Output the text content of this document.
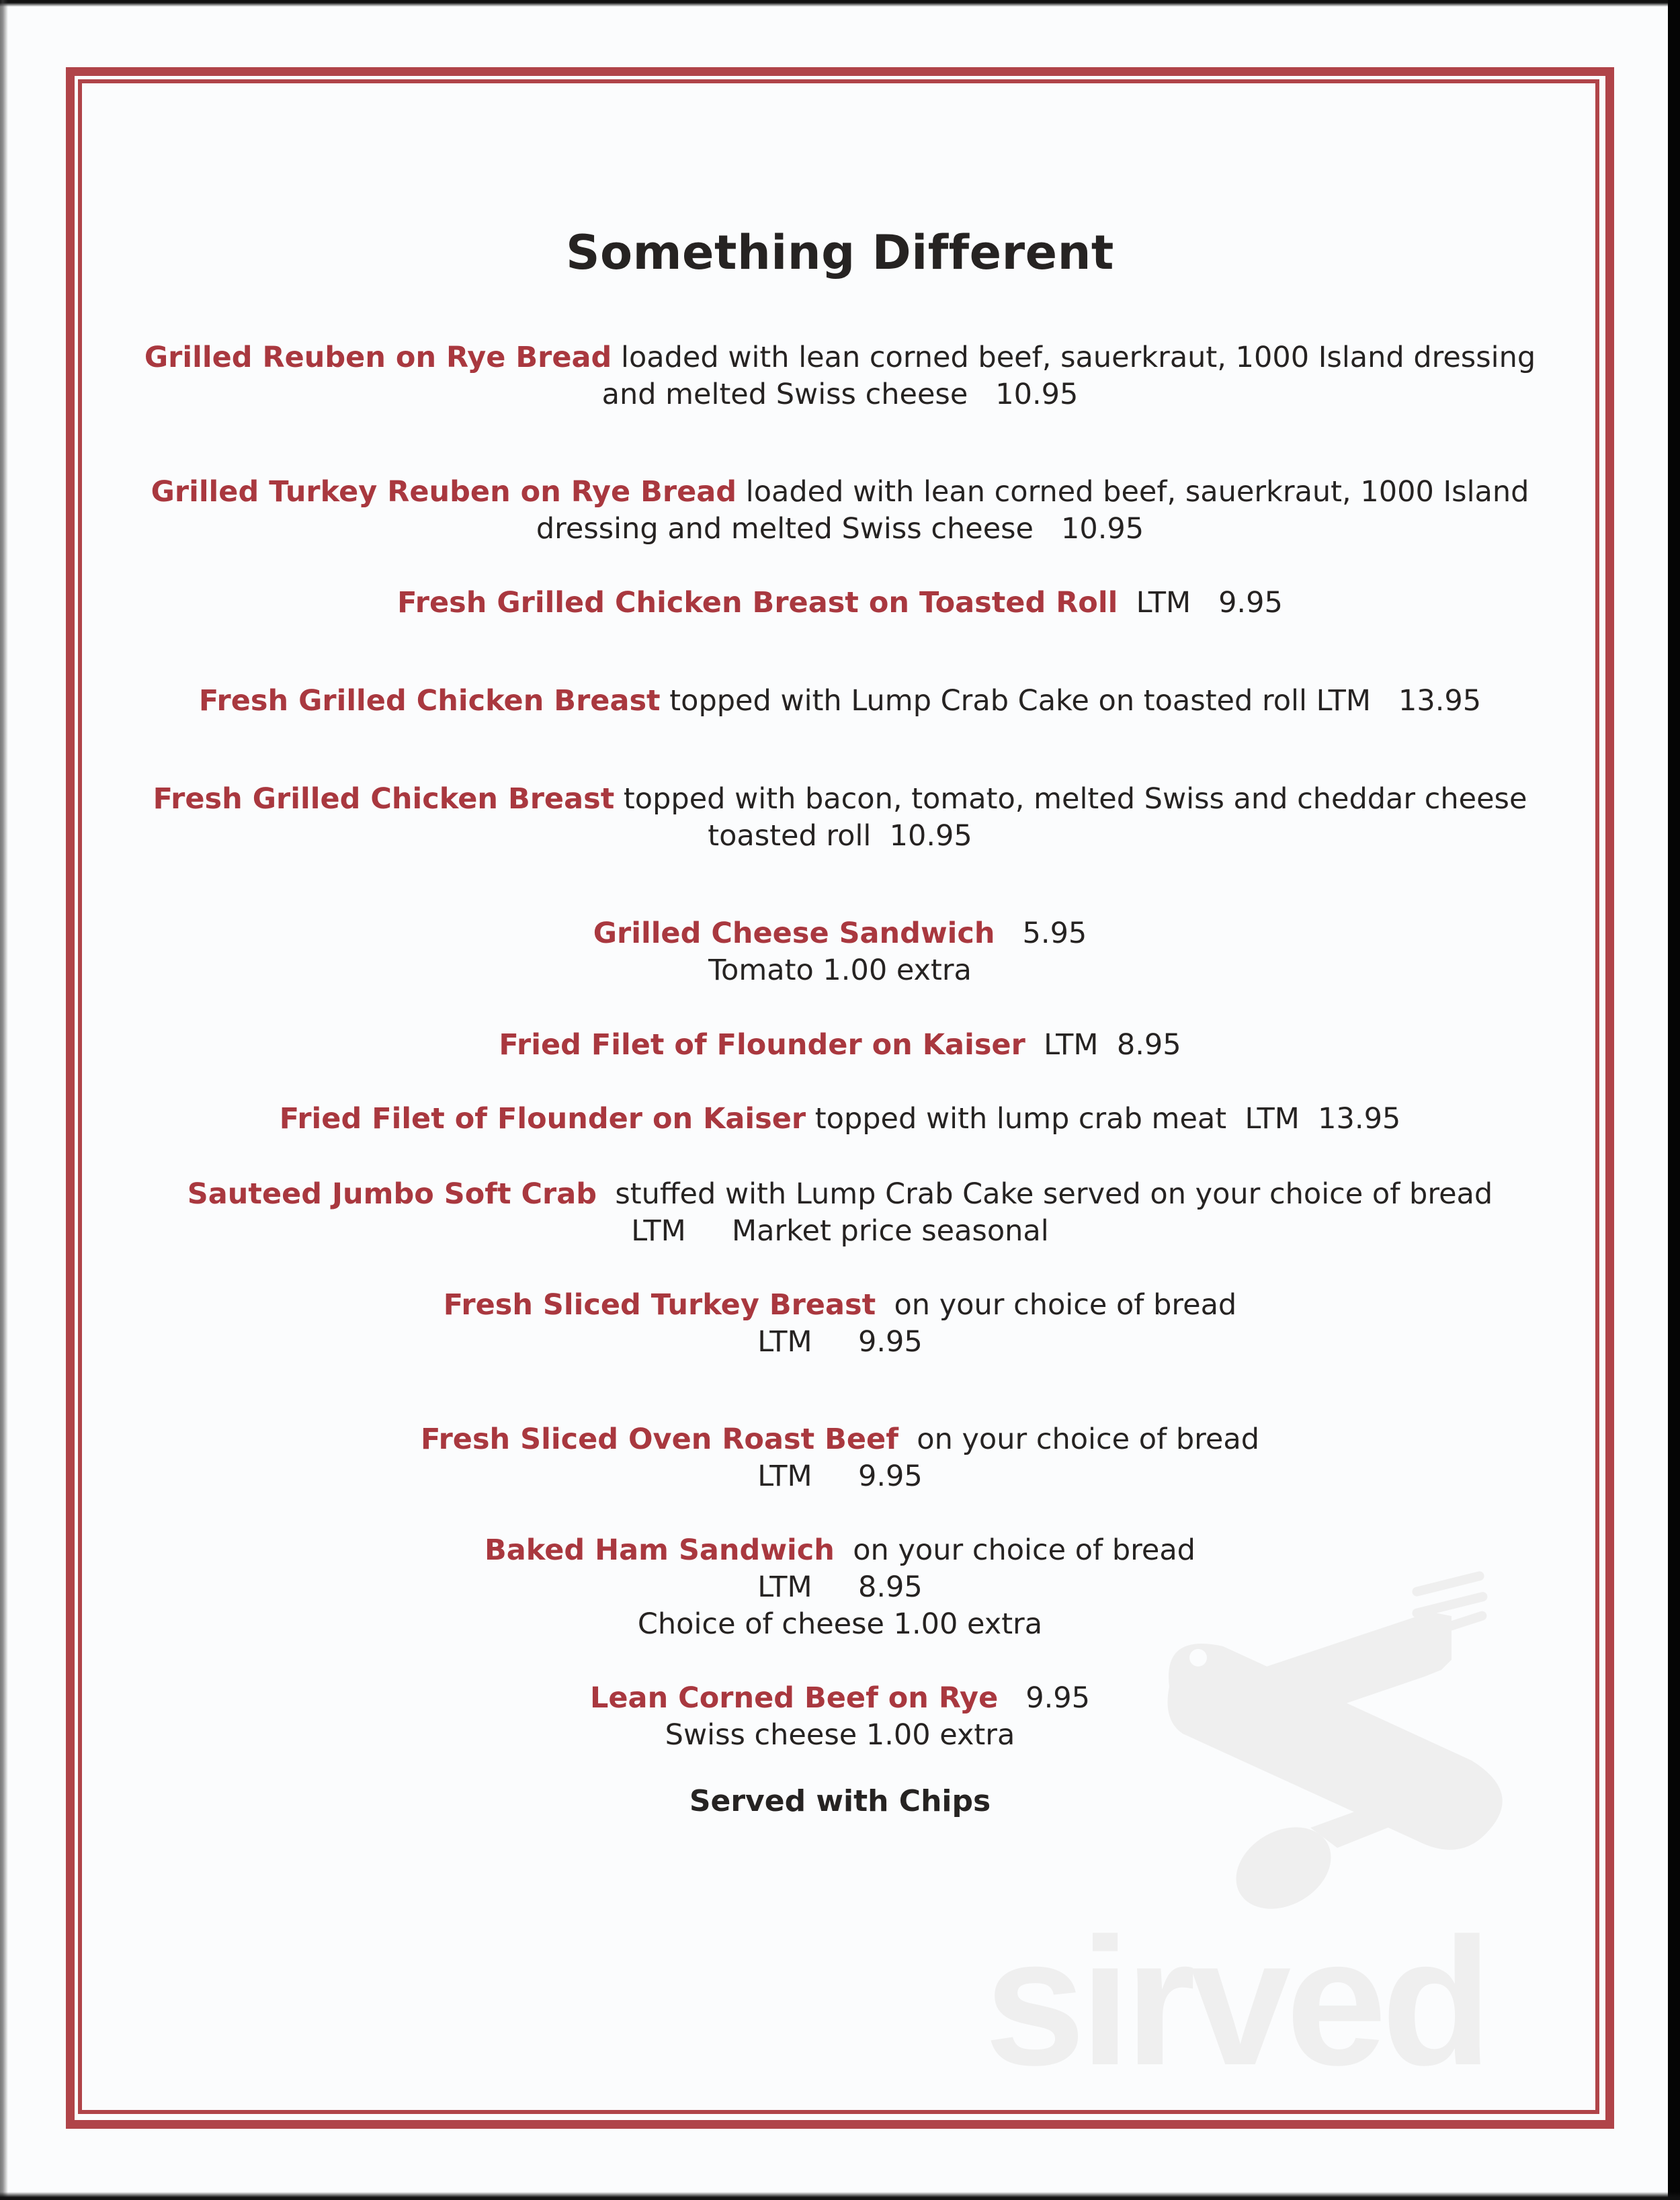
sirved
Something Different
Grilled Reuben on Rye Bread loaded with lean corned beef, sauerkraut, 1000 Island dressing
and melted Swiss cheese   10.95
Grilled Turkey Reuben on Rye Bread loaded with lean corned beef, sauerkraut, 1000 Island
dressing and melted Swiss cheese   10.95
Fresh Grilled Chicken Breast on Toasted Roll  LTM   9.95
Fresh Grilled Chicken Breast topped with Lump Crab Cake on toasted roll LTM   13.95
Fresh Grilled Chicken Breast topped with bacon, tomato, melted Swiss and cheddar cheese
toasted roll  10.95
Grilled Cheese Sandwich   5.95
Tomato 1.00 extra
Fried Filet of Flounder on Kaiser  LTM  8.95
Fried Filet of Flounder on Kaiser topped with lump crab meat  LTM  13.95
Sauteed Jumbo Soft Crab  stuffed with Lump Crab Cake served on your choice of bread
LTM     Market price seasonal
Fresh Sliced Turkey Breast  on your choice of bread
LTM     9.95
Fresh Sliced Oven Roast Beef  on your choice of bread
LTM     9.95
Baked Ham Sandwich  on your choice of bread
LTM     8.95
Choice of cheese 1.00 extra
Lean Corned Beef on Rye   9.95
Swiss cheese 1.00 extra
Served with Chips
